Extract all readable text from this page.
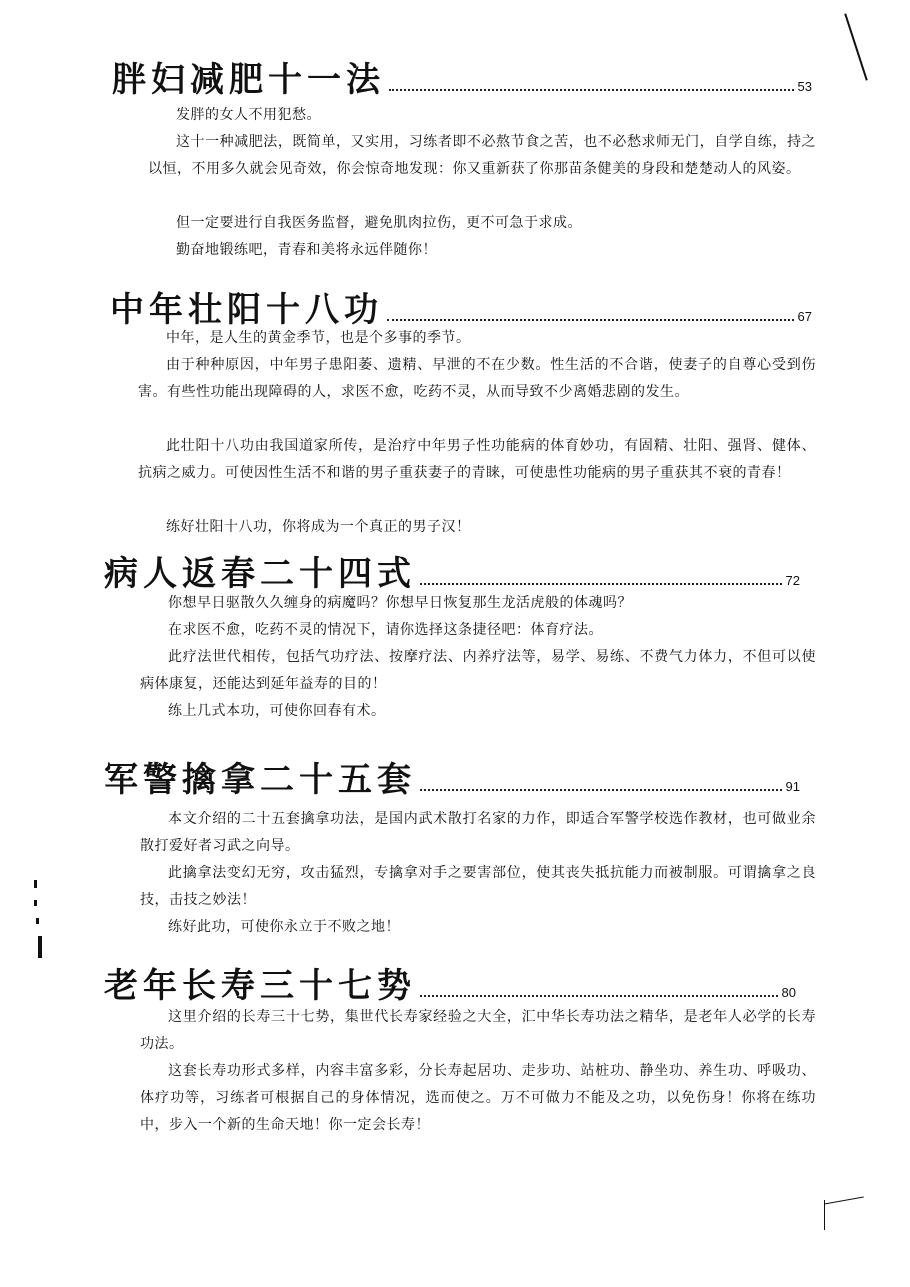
胖妇减肥十一法	53

发胖的女人不用犯愁。

这十一种减肥法，既简单，又实用，习练者即不必熬节食之苦，也不必愁求师无门，自学自练，持之以恒，不用多久就会见奇效，你会惊奇地发现：你又重新获了你那苗条健美的身段和楚楚动人的风姿。

但一定要进行自我医务监督，避免肌肉拉伤，更不可急于求成。

勤奋地锻练吧，青春和美将永远伴随你！

中年壮阳十八功	67

中年，是人生的黄金季节，也是个多事的季节。

由于种种原因，中年男子患阳萎、遗精、早泄的不在少数。性生活的不合谐，使妻子的自尊心受到伤害。有些性功能出现障碍的人，求医不愈，吃药不灵，从而导致不少离婚悲剧的发生。

此壮阳十八功由我国道家所传，是治疗中年男子性功能病的体育妙功，有固精、壮阳、强肾、健体、抗病之威力。可使因性生活不和谐的男子重获妻子的青睐，可使患性功能病的男子重获其不衰的青春！

练好壮阳十八功，你将成为一个真正的男子汉！

病人返春二十四式	72

你想早日驱散久久缠身的病魔吗？你想早日恢复那生龙活虎般的体魂吗？

在求医不愈，吃药不灵的情况下，请你选择这条捷径吧：体育疗法。

此疗法世代相传，包括气功疗法、按摩疗法、内养疗法等，易学、易练、不费气力体力，不但可以使病体康复，还能达到延年益寿的目的！

练上几式本功，可使你回春有术。

军警擒拿二十五套	91

本文介绍的二十五套擒拿功法，是国内武术散打名家的力作，即适合军警学校选作教材，也可做业余散打爱好者习武之向导。

此擒拿法变幻无穷，攻击猛烈，专擒拿对手之要害部位，使其丧失抵抗能力而被制服。可谓擒拿之良技，击技之妙法！

练好此功，可使你永立于不败之地！

老年长寿三十七势	80

这里介绍的长寿三十七势，集世代长寿家经验之大全，汇中华长寿功法之精华，是老年人必学的长寿功法。

这套长寿功形式多样，内容丰富多彩，分长寿起居功、走步功、站桩功、静坐功、养生功、呼吸功、体疗功等，习练者可根据自己的身体情况，选而使之。万不可做力不能及之功，以免伤身！你将在练功中，步入一个新的生命天地！你一定会长寿！
